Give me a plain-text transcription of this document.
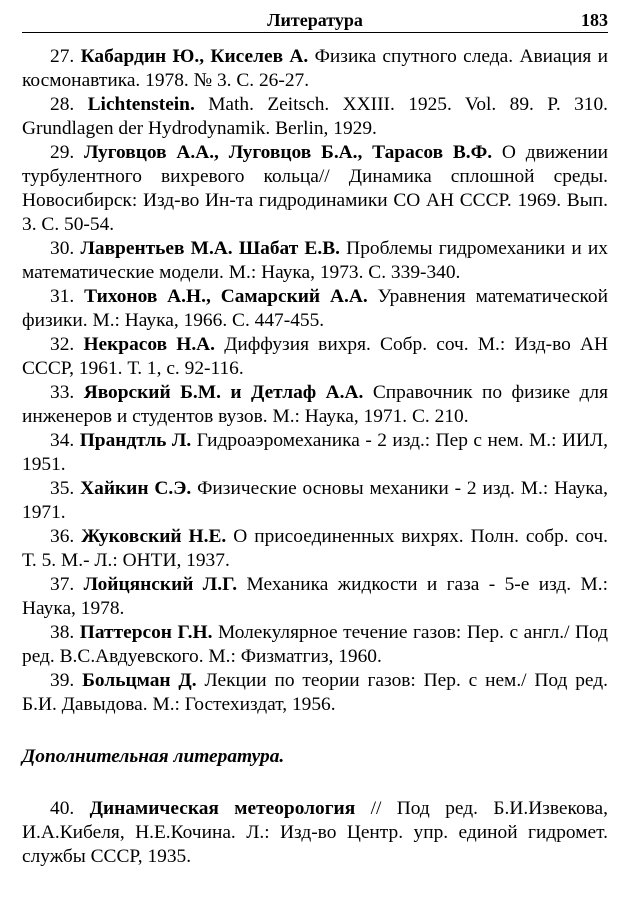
Литература	183

27. Кабардин Ю., Киселев А. Физика спутного следа. Авиация и космонавтика. 1978. № 3. С. 26-27.

28. Lichtenstein. Math. Zeitsch. XXIII. 1925. Vol. 89. P. 310. Grundlagen der Hydrodynamik. Berlin, 1929.

29. Луговцов А.А., Луговцов Б.А., Тарасов В.Ф. О движении турбулентного вихревого кольца// Динамика сплошной среды. Новосибирск: Изд-во Ин-та гидродинамики СО АН СССР. 1969. Вып. 3. С. 50-54.

30. Лаврентьев М.А. Шабат Е.В. Проблемы гидромеханики и их математические модели. М.: Наука, 1973. С. 339-340.

31. Тихонов А.Н., Самарский А.А. Уравнения математической физики. М.: Наука, 1966. С. 447-455.

32. Некрасов Н.А. Диффузия вихря. Собр. соч. М.: Изд-во АН СССР, 1961. Т. 1, с. 92-116.

33. Яворский Б.М. и Детлаф А.А. Справочник по физике для инженеров и студентов вузов. М.: Наука, 1971. С. 210.

34. Прандтль Л. Гидроаэромеханика - 2 изд.: Пер с нем. М.: ИИЛ, 1951.

35. Хайкин С.Э. Физические основы механики - 2 изд. М.: Наука, 1971.

36. Жуковский Н.Е. О присоединенных вихрях. Полн. собр. соч. Т. 5. М.- Л.: ОНТИ, 1937.

37. Лойцянский Л.Г. Механика жидкости и газа - 5-е изд. М.: Наука, 1978.

38. Паттерсон Г.Н. Молекулярное течение газов: Пер. с англ./ Под ред. В.С.Авдуевского. М.: Физматгиз, 1960.

39. Больцман Д. Лекции по теории газов: Пер. с нем./ Под ред. Б.И. Давыдова. М.: Гостехиздат, 1956.

Дополнительная литература.

40. Динамическая метеорология // Под ред. Б.И.Извекова, И.А.Кибеля, Н.Е.Кочина. Л.: Изд-во Центр. упр. единой гидромет. службы СССР, 1935.
